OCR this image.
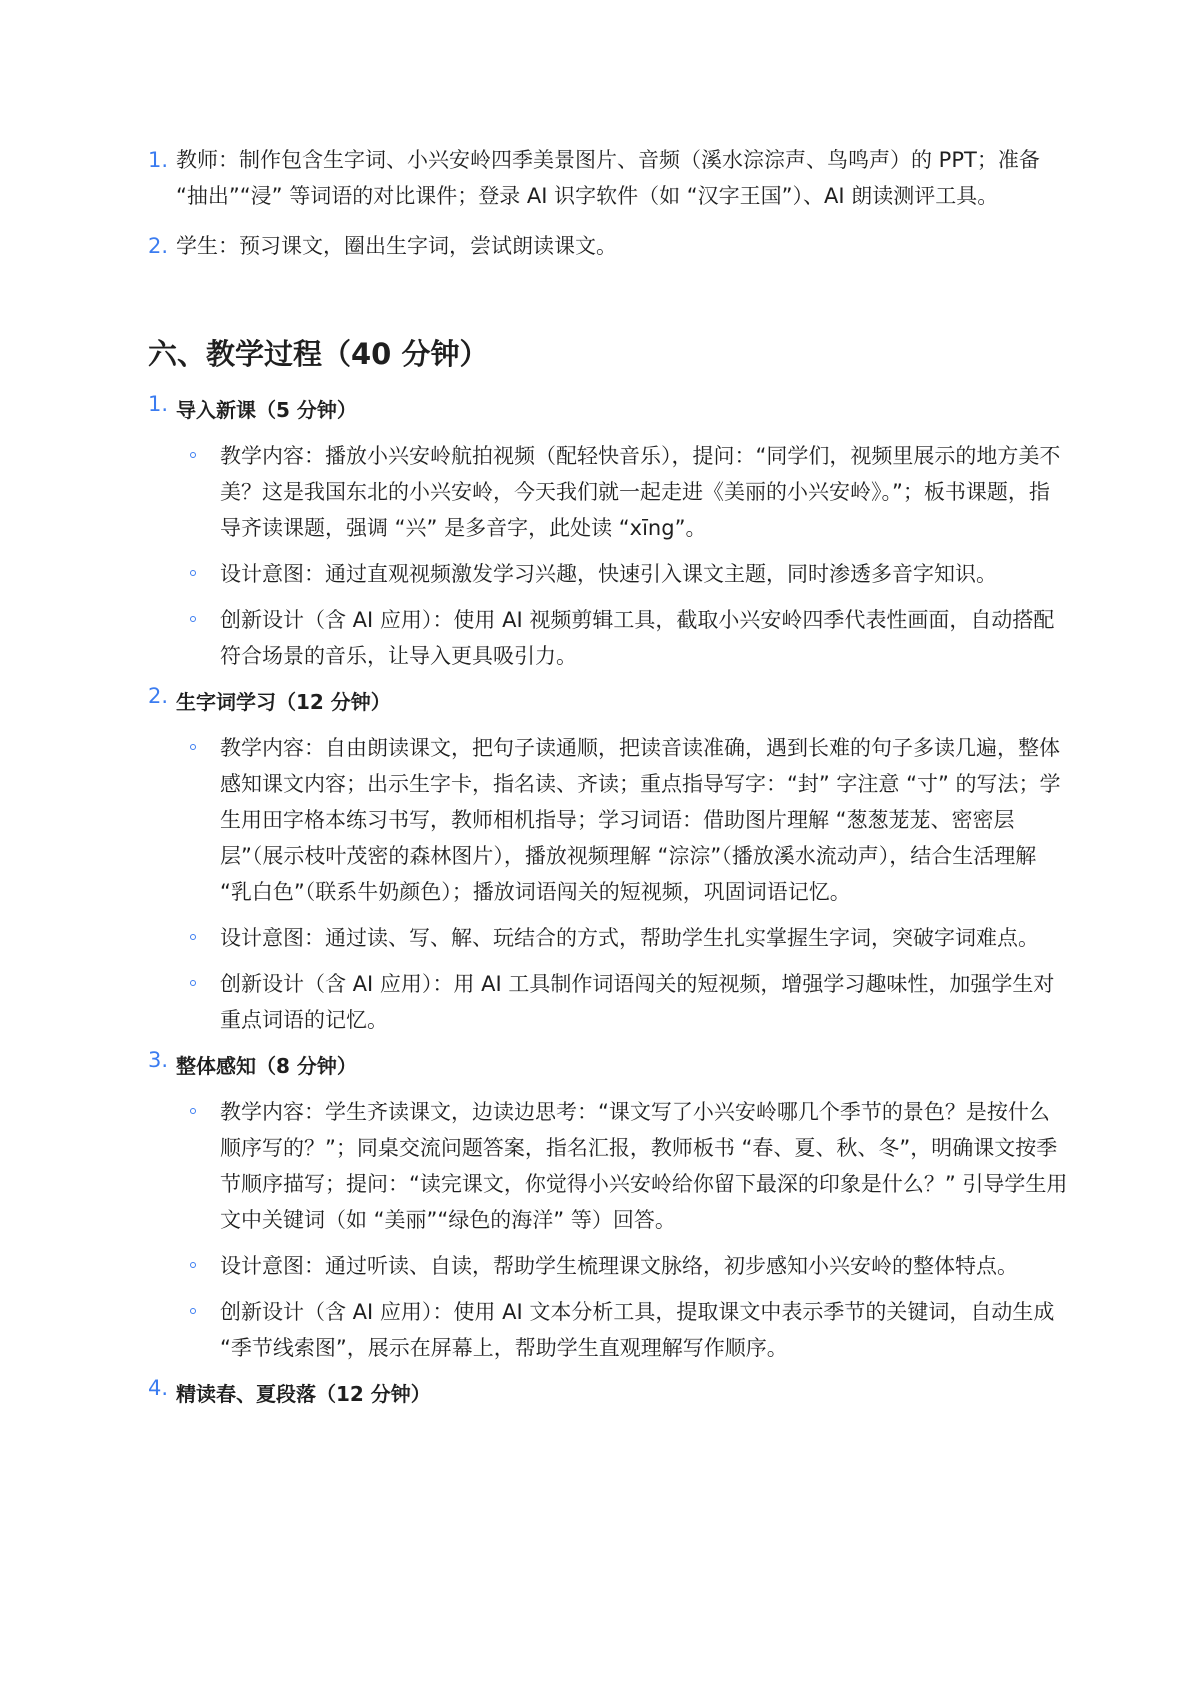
1. 教师：制作包含生字词、小兴安岭四季美景图片、音频（溪水淙淙声、鸟鸣声）的 PPT；准备 “抽出”“浸” 等词语的对比课件；登录 AI 识字软件（如 “汉字王国”）、AI 朗读测评工具。
2. 学生：预习课文，圈出生字词，尝试朗读课文。
六、教学过程（40 分钟）
1. 导入新课（5 分钟）
教学内容：播放小兴安岭航拍视频（配轻快音乐），提问：“同学们，视频里展示的地方美不美？这是我国东北的小兴安岭，今天我们就一起走进《美丽的小兴安岭》。”；板书课题，指导齐读课题，强调 “兴” 是多音字，此处读 “xīng”。
设计意图：通过直观视频激发学习兴趣，快速引入课文主题，同时渗透多音字知识。
创新设计（含 AI 应用）：使用 AI 视频剪辑工具，截取小兴安岭四季代表性画面，自动搭配符合场景的音乐，让导入更具吸引力。
2. 生字词学习（12 分钟）
教学内容：自由朗读课文，把句子读通顺，把读音读准确，遇到长难的句子多读几遍，整体感知课文内容；出示生字卡，指名读、齐读；重点指导写字：“封” 字注意 “寸” 的写法；学生用田字格本练习书写，教师相机指导；学习词语：借助图片理解 “葱葱茏茏、密密层层”（展示枝叶茂密的森林图片），播放视频理解 “淙淙”（播放溪水流动声），结合生活理解 “乳白色”（联系牛奶颜色）；播放词语闯关的短视频，巩固词语记忆。
设计意图：通过读、写、解、玩结合的方式，帮助学生扎实掌握生字词，突破字词难点。
创新设计（含 AI 应用）：用 AI 工具制作词语闯关的短视频，增强学习趣味性，加强学生对重点词语的记忆。
3. 整体感知（8 分钟）
教学内容：学生齐读课文，边读边思考：“课文写了小兴安岭哪几个季节的景色？是按什么顺序写的？”；同桌交流问题答案，指名汇报，教师板书 “春、夏、秋、冬”，明确课文按季节顺序描写；提问：“读完课文，你觉得小兴安岭给你留下最深的印象是什么？” 引导学生用文中关键词（如 “美丽”“绿色的海洋” 等）回答。
设计意图：通过听读、自读，帮助学生梳理课文脉络，初步感知小兴安岭的整体特点。
创新设计（含 AI 应用）：使用 AI 文本分析工具，提取课文中表示季节的关键词，自动生成 “季节线索图”，展示在屏幕上，帮助学生直观理解写作顺序。
4. 精读春、夏段落（12 分钟）
